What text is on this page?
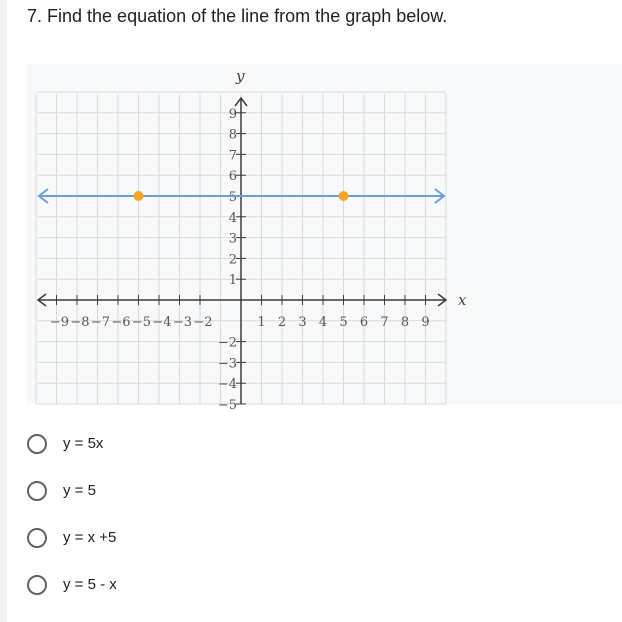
7. Find the equation of the line from the graph below.
−9 −8 −7 −6 −5 −4 −3 −2	1 2 3 4 5 6 7 8 9
−5
−4
−3
−2
1
2
3
4
5
6
7
8
9
x
y
y = 5x
y = 5
y = x +5
y = 5 - x
